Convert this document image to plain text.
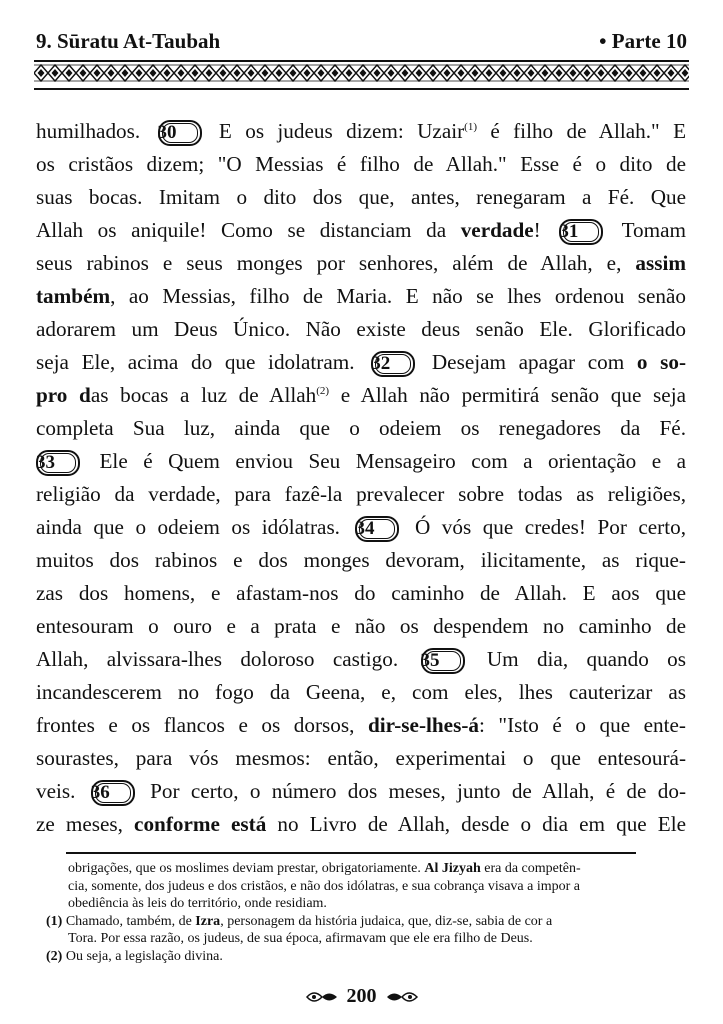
9. Sūratu At-Taubah	• Parte 10
humilhados. 30 E os judeus dizem: Uzair$^{(1)}$ é filho de Allah." E
os cristãos dizem; "O Messias é filho de Allah." Esse é o dito de
suas bocas. Imitam o dito dos que, antes, renegaram a Fé. Que
Allah os aniquile! Como se distanciam da verdade! 31 Tomam
seus rabinos e seus monges por senhores, além de Allah, e, assim
também, ao Messias, filho de Maria. E não se lhes ordenou senão
adorarem um Deus Único. Não existe deus senão Ele. Glorificado
seja Ele, acima do que idolatram. 32 Desejam apagar com o so-
pro das bocas a luz de Allah$^{(2)}$ e Allah não permitirá senão que seja
completa Sua luz, ainda que o odeiem os renegadores da Fé.
33 Ele é Quem enviou Seu Mensageiro com a orientação e a
religião da verdade, para fazê-la prevalecer sobre todas as religiões,
ainda que o odeiem os idólatras. 34 Ó vós que credes! Por certo,
muitos dos rabinos e dos monges devoram, ilicitamente, as rique-
zas dos homens, e afastam-nos do caminho de Allah. E aos que
entesouram o ouro e a prata e não os despendem no caminho de
Allah, alvissara-lhes doloroso castigo. 35 Um dia, quando os
incandescerem no fogo da Geena, e, com eles, lhes cauterizar as
frontes e os flancos e os dorsos, dir-se-lhes-á: "Isto é o que ente-
sourastes, para vós mesmos: então, experimentai o que entesourá-
veis. 36 Por certo, o número dos meses, junto de Allah, é de do-
ze meses, conforme está no Livro de Allah, desde o dia em que Ele
obrigações, que os moslimes deviam prestar, obrigatoriamente. Al Jizyah era da competên-
cia, somente, dos judeus e dos cristãos, e não dos idólatras, e sua cobrança visava a impor a
obediência às leis do território, onde residiam.
(1) Chamado, também, de Izra, personagem da história judaica, que, diz-se, sabia de cor a
Tora. Por essa razão, os judeus, de sua época, afirmavam que ele era filho de Deus.
(2) Ou seja, a legislação divina.
200
